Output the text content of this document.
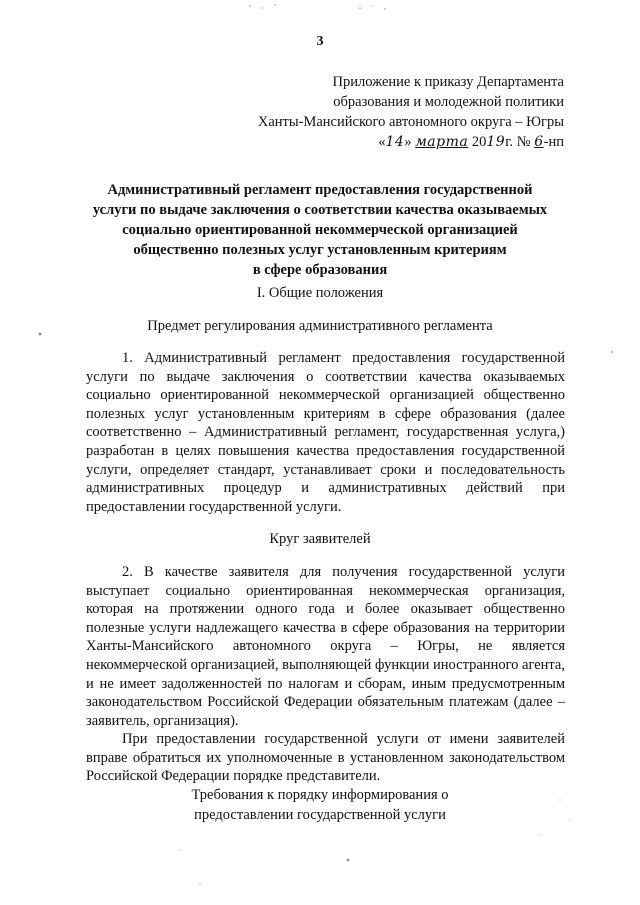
3
Приложение к приказу Департамента
образования и молодежной политики
Ханты-Мансийского автономного округа – Югры
«14» марта 2019г. № 6-нп
Административный регламент предоставления государственной
услуги по выдаче заключения о соответствии качества оказываемых
социально ориентированной некоммерческой организацией
общественно полезных услуг установленным критериям
в сфере образования
I. Общие положения
Предмет регулирования административного регламента
1. Административный регламент предоставления государственной услуги по выдаче заключения о соответствии качества оказываемых социально ориентированной некоммерческой организацией общественно полезных услуг установленным критериям в сфере образования (далее соответственно – Административный регламент, государственная услуга,) разработан в целях повышения качества предоставления государственной услуги, определяет стандарт, устанавливает сроки и последовательность административных процедур и административных действий при предоставлении государственной услуги.
Круг заявителей
2. В качестве заявителя для получения государственной услуги выступает социально ориентированная некоммерческая организация, которая на протяжении одного года и более оказывает общественно полезные услуги надлежащего качества в сфере образования на территории Ханты-Мансийского автономного округа – Югры, не является некоммерческой организацией, выполняющей функции иностранного агента, и не имеет задолженностей по налогам и сборам, иным предусмотренным законодательством Российской Федерации обязательным платежам (далее – заявитель, организация).
При предоставлении государственной услуги от имени заявителей вправе обратиться их уполномоченные в установленном законодательством Российской Федерации порядке представители.
Требования к порядку информирования о
предоставлении государственной услуги
